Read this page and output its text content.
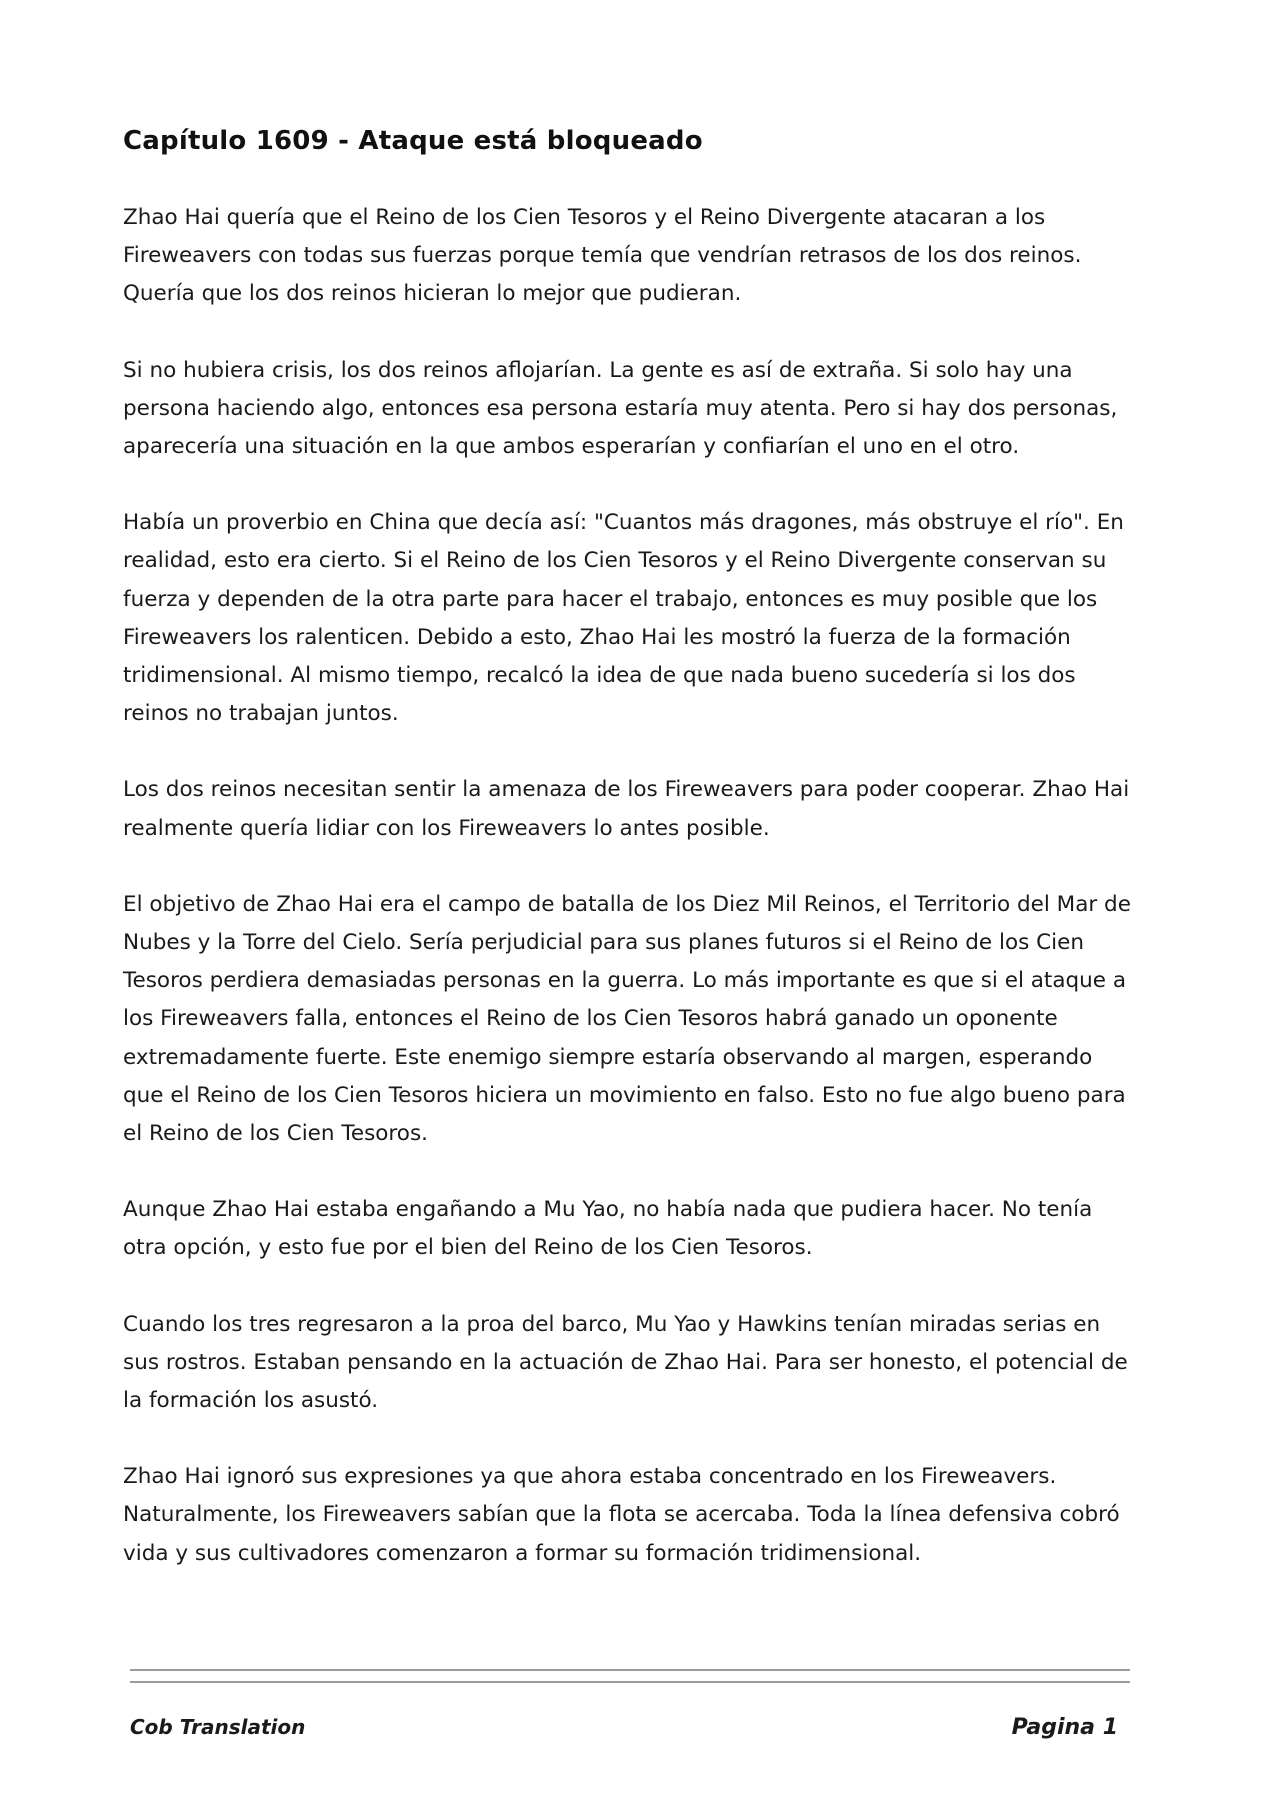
Capítulo 1609 - Ataque está bloqueado

Zhao Hai quería que el Reino de los Cien Tesoros y el Reino Divergente atacaran a los Fireweavers con todas sus fuerzas porque temía que vendrían retrasos de los dos reinos. Quería que los dos reinos hicieran lo mejor que pudieran.

Si no hubiera crisis, los dos reinos aflojarían. La gente es así de extraña. Si solo hay una persona haciendo algo, entonces esa persona estaría muy atenta. Pero si hay dos personas, aparecería una situación en la que ambos esperarían y confiarían el uno en el otro.

Había un proverbio en China que decía así: "Cuantos más dragones, más obstruye el río". En realidad, esto era cierto. Si el Reino de los Cien Tesoros y el Reino Divergente conservan su fuerza y dependen de la otra parte para hacer el trabajo, entonces es muy posible que los Fireweavers los ralenticen. Debido a esto, Zhao Hai les mostró la fuerza de la formación tridimensional. Al mismo tiempo, recalcó la idea de que nada bueno sucedería si los dos reinos no trabajan juntos.

Los dos reinos necesitan sentir la amenaza de los Fireweavers para poder cooperar. Zhao Hai realmente quería lidiar con los Fireweavers lo antes posible.

El objetivo de Zhao Hai era el campo de batalla de los Diez Mil Reinos, el Territorio del Mar de Nubes y la Torre del Cielo. Sería perjudicial para sus planes futuros si el Reino de los Cien Tesoros perdiera demasiadas personas en la guerra. Lo más importante es que si el ataque a los Fireweavers falla, entonces el Reino de los Cien Tesoros habrá ganado un oponente extremadamente fuerte. Este enemigo siempre estaría observando al margen, esperando que el Reino de los Cien Tesoros hiciera un movimiento en falso. Esto no fue algo bueno para el Reino de los Cien Tesoros.

Aunque Zhao Hai estaba engañando a Mu Yao, no había nada que pudiera hacer. No tenía otra opción, y esto fue por el bien del Reino de los Cien Tesoros.

Cuando los tres regresaron a la proa del barco, Mu Yao y Hawkins tenían miradas serias en sus rostros. Estaban pensando en la actuación de Zhao Hai. Para ser honesto, el potencial de la formación los asustó.

Zhao Hai ignoró sus expresiones ya que ahora estaba concentrado en los Fireweavers. Naturalmente, los Fireweavers sabían que la flota se acercaba. Toda la línea defensiva cobró vida y sus cultivadores comenzaron a formar su formación tridimensional.

Cob Translation	Pagina 1
